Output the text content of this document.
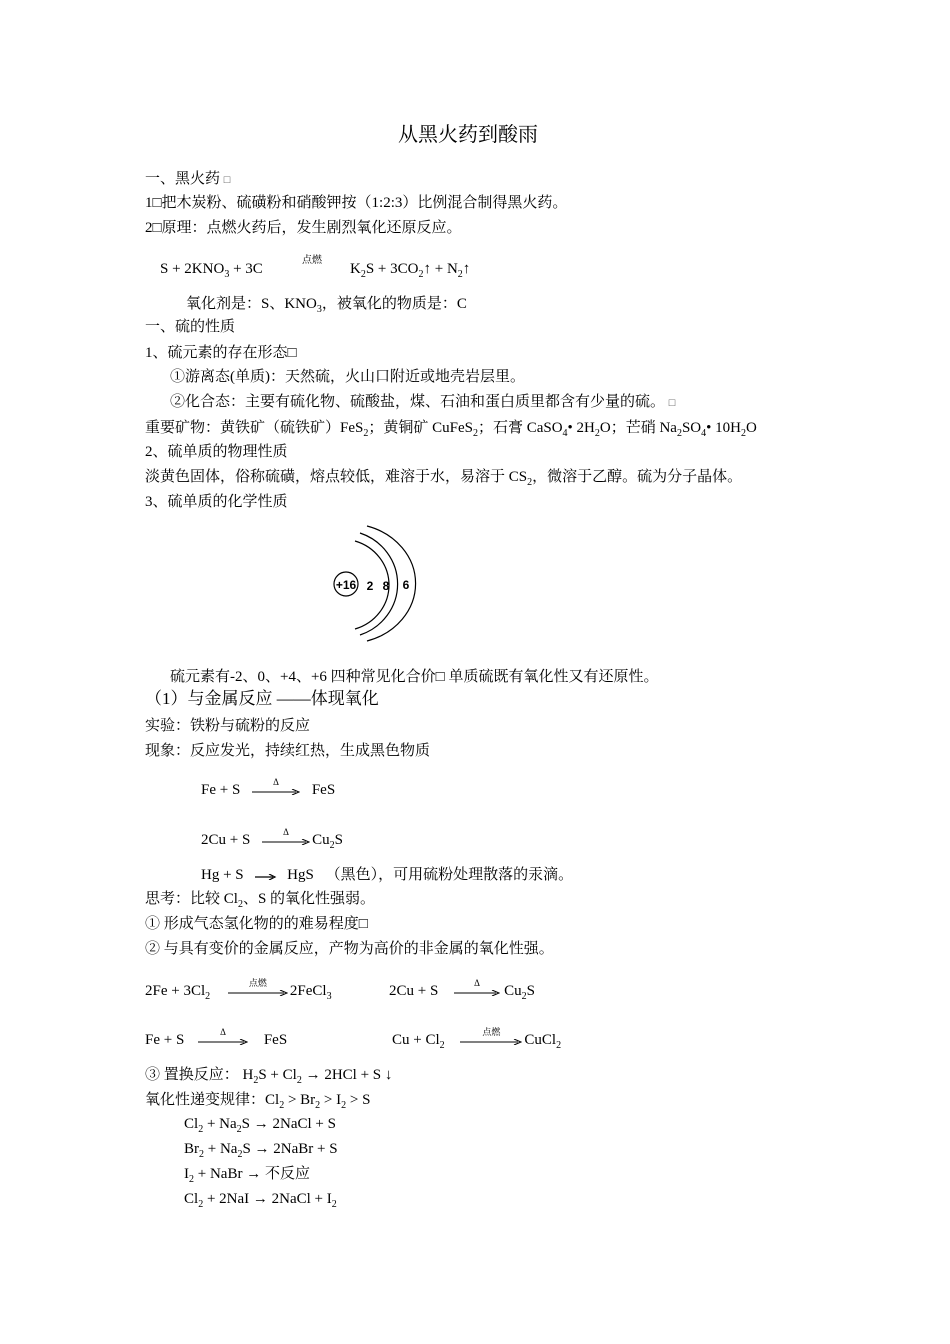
从黑火药到酸雨
一、黑火药 □
1□把木炭粉、硫磺粉和硝酸钾按（1:2:3）比例混合制得黑火药。
2□原理：点燃火药后，发生剧烈氧化还原反应。
$S + 2KNO_3 + 3C$
点燃
$K_2S$ + $3CO_2↑$ + $N_2↑$
氧化剂是：S、$KNO_3$，被氧化的物质是：C
一、硫的性质
1、硫元素的存在形态□
①游离态(单质)：天然硫，火山口附近或地壳岩层里。
②化合态：主要有硫化物、硫酸盐，煤、石油和蛋白质里都含有少量的硫。 □
重要矿物：黄铁矿（硫铁矿）FeS$_2$；黄铜矿 CuFeS$_2$；石膏 CaSO$_4$• $2H_2O$；芒硝 $Na_2SO_4•$ $10H_2O$
2、硫单质的物理性质
淡黄色固体，俗称硫磺，熔点较低，难溶于水，易溶于 $CS_2$，微溶于乙醇。硫为分子晶体。
3、硫单质的化学性质
+16 2 8 6
硫元素有-2、0、+4、+6 四种常见化合价□ 单质硫既有氧化性又有还原性。
（1）与金属反应 ——体现氧化
实验：铁粉与硫粉的反应
现象：反应发光，持续红热，生成黑色物质
Fe + S
Δ
FeS
2Cu + S
Δ
$Cu_2S$
Hg + S	HgS （黑色），可用硫粉处理散落的汞滴。
思考：比较 $Cl_2$、S 的氧化性强弱。
① 形成气态氢化物的的难易程度□
② 与具有变价的金属反应，产物为高价的非金属的氧化性强。
$2Fe + 3Cl_2$
点燃
2FeCl$_3$	2Cu + S
Δ
$Cu_2S$
Fe + S
Δ
FeS	$Cu + Cl_2$
点燃
CuCl$_2$
③ 置换反应： $H_2S + Cl_2 \to 2HCl + S$ ↓
氧化性递变规律：$Cl_2 > Br_2 > I_2 > S$
$Cl_2 + Na_2S$ → 2NaCl + S
$Br_2 + Na_2S$ → 2NaBr + S
$I_2$ + NaBr → 不反应
$Cl_2 + 2NaI$ → 2NaCl + $I_2$
